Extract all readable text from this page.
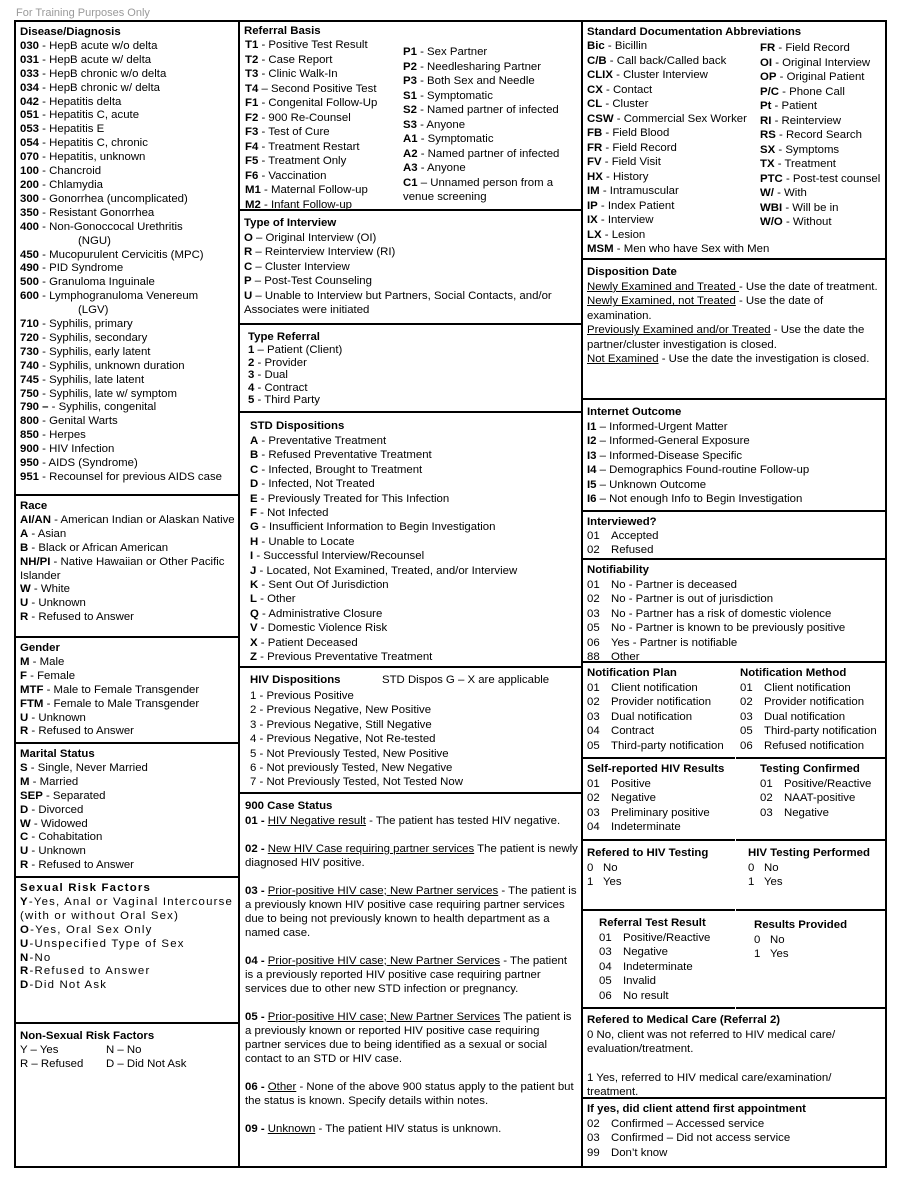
For Training Purposes Only
Disease/Diagnosis
030 - HepB acute w/o delta
031 - HepB acute w/ delta
033 - HepB chronic w/o delta
034 - HepB chronic w/ delta
042 - Hepatitis delta
051 - Hepatitis C, acute
053 - Hepatitis E
054 - Hepatitis C, chronic
070 - Hepatitis, unknown
100 - Chancroid
200 - Chlamydia
300 - Gonorrhea (uncomplicated)
350 - Resistant Gonorrhea
400 - Non-Gonoccocal Urethritis
(NGU)
450 - Mucopurulent Cervicitis (MPC)
490 - PID Syndrome
500 - Granuloma Inguinale
600 - Lymphogranuloma Venereum
(LGV)
710 - Syphilis, primary
720 - Syphilis, secondary
730 - Syphilis, early latent
740 - Syphilis, unknown duration
745 - Syphilis, late latent
750 - Syphilis, late w/ symptom
790 – - Syphilis, congenital
800 - Genital Warts
850 - Herpes
900 - HIV Infection
950 - AIDS (Syndrome)
951 - Recounsel for previous AIDS case
Race
AI/AN - American Indian or Alaskan Native
A - Asian
B - Black or African American
NH/PI - Native Hawaiian or Other Pacific Islander
W - White
U - Unknown
R - Refused to Answer
Gender
M - Male
F - Female
MTF - Male to Female Transgender
FTM - Female to Male Transgender
U - Unknown
R - Refused to Answer
Marital Status
S - Single, Never Married
M - Married
SEP - Separated
D - Divorced
W - Widowed
C - Cohabitation
U - Unknown
R - Refused to Answer
Sexual Risk Factors
Y-Yes, Anal or Vaginal Intercourse (with or without Oral Sex)
O-Yes, Oral Sex Only
U-Unspecified Type of Sex
N-No
R-Refused to Answer
D-Did Not Ask
Non-Sexual Risk Factors
Y – Yes	N – No
R – Refused D – Did Not Ask
Referral Basis
T1 - Positive Test Result
T2 - Case Report
T3 - Clinic Walk-In
T4 – Second Positive Test
F1 - Congenital Follow-Up
F2 - 900 Re-Counsel
F3 - Test of Cure
F4 - Treatment Restart
F5 - Treatment Only
F6 - Vaccination
M1 - Maternal Follow-up
M2 - Infant Follow-up
P1 - Sex Partner
P2 - Needlesharing Partner
P3 - Both Sex and Needle
S1 - Symptomatic
S2 - Named partner of infected
S3 - Anyone
A1 - Symptomatic
A2 - Named partner of infected
A3 - Anyone
C1 – Unnamed person from a venue screening
Type of Interview
O – Original Interview (OI)
R – Reinterview Interview (RI)
C – Cluster Interview
P – Post-Test Counseling
U – Unable to Interview but Partners, Social Contacts, and/or Associates were initiated
Type Referral
1 – Patient (Client)
2 - Provider
3 - Dual
4 - Contract
5 - Third Party
STD Dispositions
A - Preventative Treatment
B - Refused Preventative Treatment
C - Infected, Brought to Treatment
D - Infected, Not Treated
E - Previously Treated for This Infection
F - Not Infected
G - Insufficient Information to Begin Investigation
H - Unable to Locate
I - Successful Interview/Recounsel
J - Located, Not Examined, Treated, and/or Interview
K - Sent Out Of Jurisdiction
L - Other
Q - Administrative Closure
V - Domestic Violence Risk
X - Patient Deceased
Z - Previous Preventative Treatment
HIV Dispositions	STD Dispos G – X are applicable
1 - Previous Positive
2 - Previous Negative, New Positive
3 - Previous Negative, Still Negative
4 - Previous Negative, Not Re-tested
5 - Not Previously Tested, New Positive
6 - Not previously Tested, New Negative
7 - Not Previously Tested, Not Tested Now
900 Case Status
01 - HIV Negative result - The patient has tested HIV negative.
02 - New HIV Case requiring partner services The patient is newly diagnosed HIV positive.
03 - Prior-positive HIV case; New Partner services - The patient is a previously known HIV positive case requiring partner services due to being not previously known to health department as a named case.
04 - Prior-positive HIV case; New Partner Services - The patient is a previously reported HIV positive case requiring partner services due to other new STD infection or pregnancy.
05 - Prior-positive HIV case; New Partner Services The patient is a previously known or reported HIV positive case requiring partner services due to being identified as a sexual or social contact to an STD or HIV case.
06 - Other - None of the above 900 status apply to the patient but the status is known. Specify details within notes.
09 - Unknown - The patient HIV status is unknown.
Standard Documentation Abbreviations
Bic - Bicillin
C/B - Call back/Called back
CLIX - Cluster Interview
CX - Contact
CL - Cluster
CSW - Commercial Sex Worker
FB - Field Blood
FR - Field Record
FV - Field Visit
HX - History
IM - Intramuscular
IP - Index Patient
IX - Interview
LX - Lesion
MSM - Men who have Sex with Men
FR - Field Record
OI - Original Interview
OP - Original Patient
P/C - Phone Call
Pt - Patient
RI - Reinterview
RS - Record Search
SX - Symptoms
TX - Treatment
PTC - Post-test counsel
W/ - With
WBI - Will be in
W/O - Without
Disposition Date
Newly Examined and Treated - Use the date of treatment.
Newly Examined, not Treated - Use the date of examination.
Previously Examined and/or Treated - Use the date the partner/cluster investigation is closed.
Not Examined - Use the date the investigation is closed.
Internet Outcome
I1 – Informed-Urgent Matter
I2 – Informed-General Exposure
I3 – Informed-Disease Specific
I4 – Demographics Found-routine Follow-up
I5 – Unknown Outcome
I6 – Not enough Info to Begin Investigation
Interviewed?
01 Accepted
02 Refused
Notifiability
01 No - Partner is deceased
02 No - Partner is out of jurisdiction
03 No - Partner has a risk of domestic violence
05 No - Partner is known to be previously positive
06 Yes - Partner is notifiable
88 Other
Notification Plan
01 Client notification
02 Provider notification
03 Dual notification
04 Contract
05 Third-party notification
Notification Method
01 Client notification
02 Provider notification
03 Dual notification
05 Third-party notification
06 Refused notification
Self-reported HIV Results
01 Positive
02 Negative
03 Preliminary positive
04 Indeterminate
Testing Confirmed
01 Positive/Reactive
02 NAAT-positive
03 Negative
Refered to HIV Testing
0 No
1 Yes
HIV Testing Performed
0 No
1 Yes
Referral Test Result
01 Positive/Reactive
03 Negative
04 Indeterminate
05 Invalid
06 No result
Results Provided
0 No
1 Yes
Refered to Medical Care (Referral 2)
0 No, client was not referred to HIV medical care/ evaluation/treatment.
1 Yes, referred to HIV medical care/examination/ treatment.
If yes, did client attend first appointment
02 Confirmed – Accessed service
03 Confirmed – Did not access service
99 Don’t know
